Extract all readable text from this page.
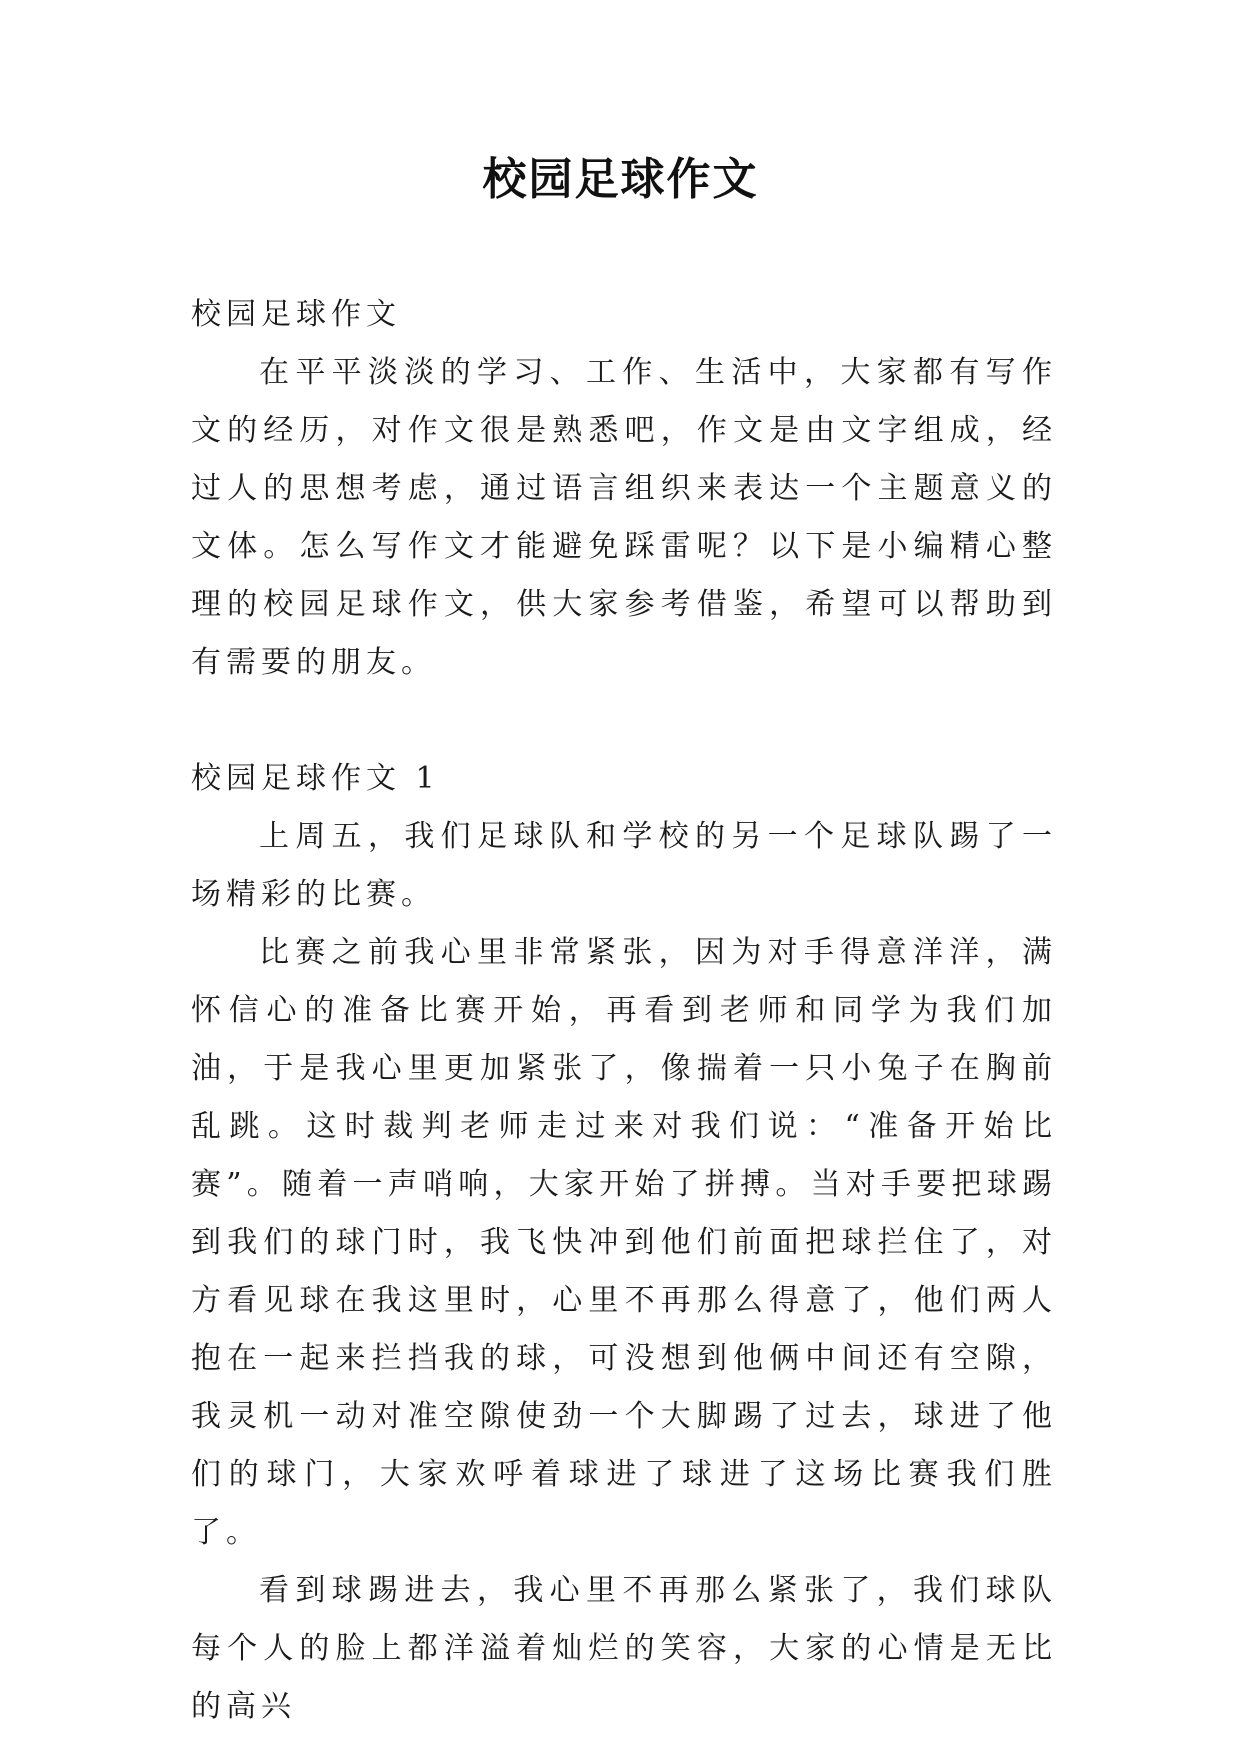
校园足球作文

校园足球作文

在平平淡淡的学习、工作、生活中，大家都有写作文的经历，对作文很是熟悉吧，作文是由文字组成，经过人的思想考虑，通过语言组织来表达一个主题意义的文体。怎么写作文才能避免踩雷呢？以下是小编精心整理的校园足球作文，供大家参考借鉴，希望可以帮助到有需要的朋友。

校园足球作文 1

上周五，我们足球队和学校的另一个足球队踢了一场精彩的比赛。

比赛之前我心里非常紧张，因为对手得意洋洋，满怀信心的准备比赛开始，再看到老师和同学为我们加油，于是我心里更加紧张了，像揣着一只小兔子在胸前乱跳。这时裁判老师走过来对我们说：“准备开始比赛”。随着一声哨响，大家开始了拼搏。当对手要把球踢到我们的球门时，我飞快冲到他们前面把球拦住了，对方看见球在我这里时，心里不再那么得意了，他们两人抱在一起来拦挡我的球，可没想到他俩中间还有空隙，我灵机一动对准空隙使劲一个大脚踢了过去，球进了他们的球门，大家欢呼着球进了球进了这场比赛我们胜了。

看到球踢进去，我心里不再那么紧张了，我们球队每个人的脸上都洋溢着灿烂的笑容，大家的心情是无比的高兴
